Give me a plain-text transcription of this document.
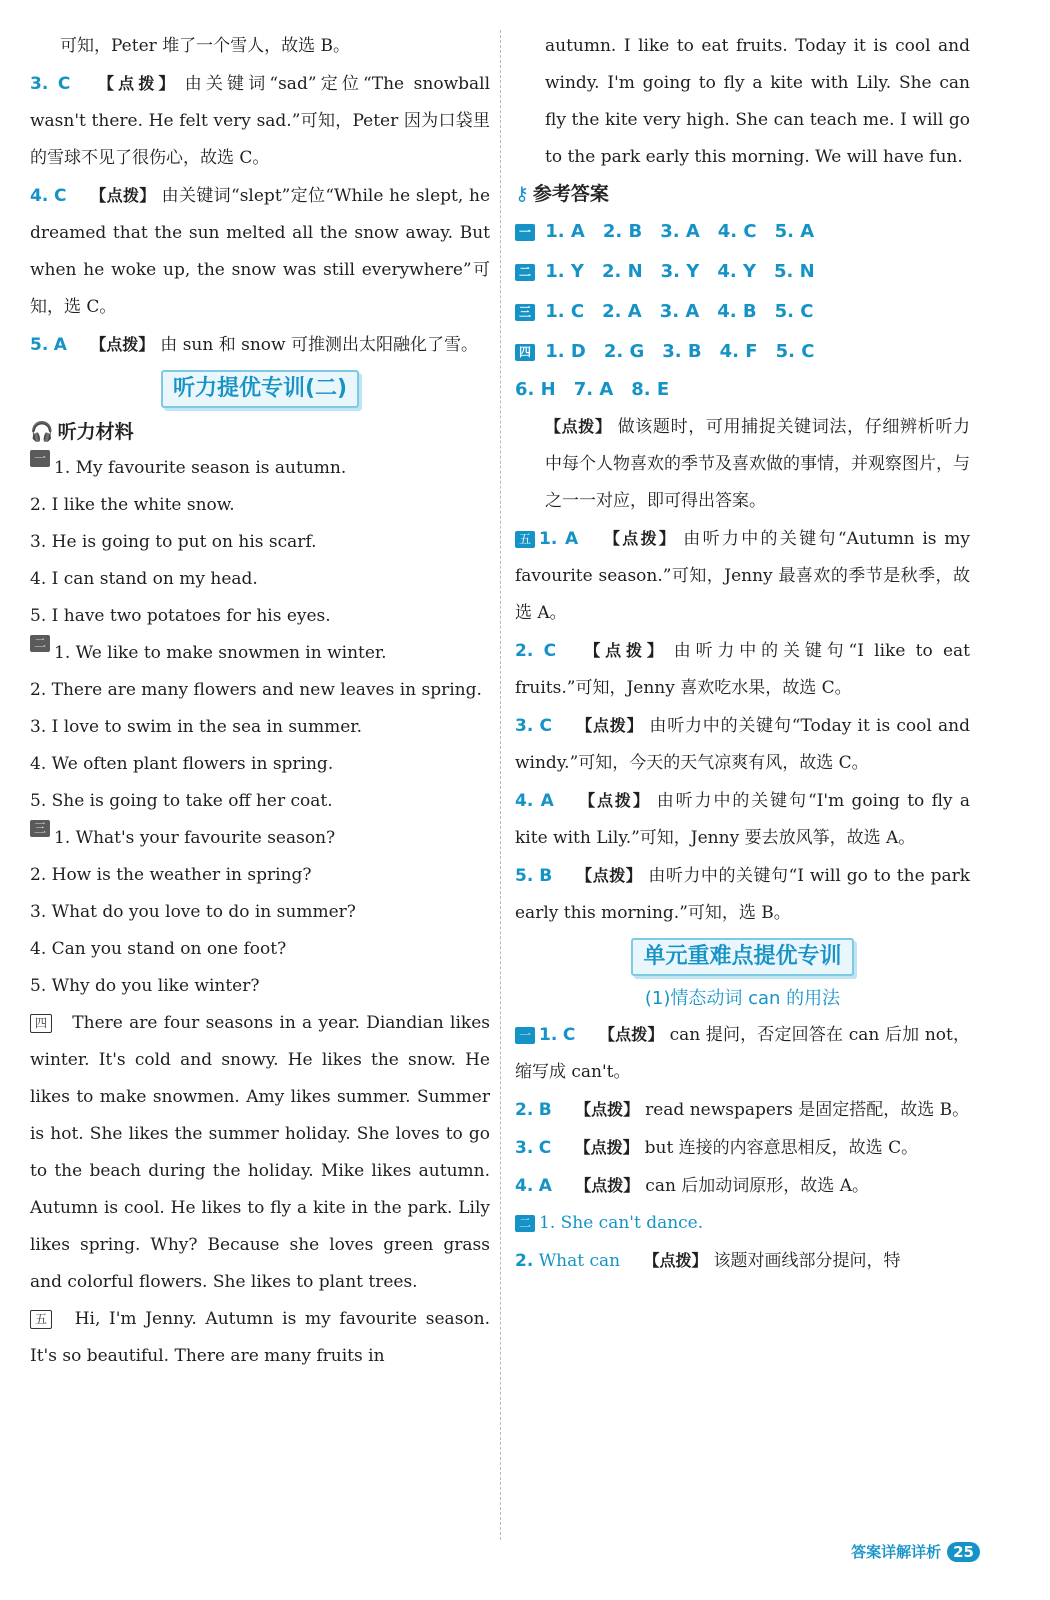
可知，Peter 堆了一个雪人，故选 B。
3. C 【点拨】 由关键词“sad”定位“The snowball wasn't there. He felt very sad.”可知，Peter 因为口袋里的雪球不见了很伤心，故选 C。
4. C 【点拨】 由关键词“slept”定位“While he slept, he dreamed that the sun melted all the snow away. But when he woke up, the snow was still everywhere”可知，选 C。
5. A 【点拨】 由 sun 和 snow 可推测出太阳融化了雪。
听力提优专训(二)
🎧 听力材料
一 1. My favourite season is autumn.
2. I like the white snow.
3. He is going to put on his scarf.
4. I can stand on my head.
5. I have two potatoes for his eyes.
二 1. We like to make snowmen in winter.
2. There are many flowers and new leaves in spring.
3. I love to swim in the sea in summer.
4. We often plant flowers in spring.
5. She is going to take off her coat.
三 1. What's your favourite season?
2. How is the weather in spring?
3. What do you love to do in summer?
4. Can you stand on one foot?
5. Why do you like winter?
四 There are four seasons in a year. Diandian likes winter. It's cold and snowy. He likes the snow. He likes to make snowmen. Amy likes summer. Summer is hot. She likes the summer holiday. She loves to go to the beach during the holiday. Mike likes autumn. Autumn is cool. He likes to fly a kite in the park. Lily likes spring. Why? Because she loves green grass and colorful flowers. She likes to plant trees.
五 Hi, I'm Jenny. Autumn is my favourite season. It's so beautiful. There are many fruits in
autumn. I like to eat fruits. Today it is cool and windy. I'm going to fly a kite with Lily. She can fly the kite very high. She can teach me. I will go to the park early this morning. We will have fun.
⚷ 参考答案
一 1. A 2. B 3. A 4. C 5. A
二 1. Y 2. N 3. Y 4. Y 5. N
三 1. C 2. A 3. A 4. B 5. C
四 1. D 2. G 3. B 4. F 5. C
6. H 7. A 8. E
【点拨】 做该题时，可用捕捉关键词法，仔细辨析听力中每个人物喜欢的季节及喜欢做的事情，并观察图片，与之一一对应，即可得出答案。
五 1. A 【点拨】 由听力中的关键句“Autumn is my favourite season.”可知，Jenny 最喜欢的季节是秋季，故选 A。
2. C 【点拨】 由听力中的关键句“I like to eat fruits.”可知，Jenny 喜欢吃水果，故选 C。
3. C 【点拨】 由听力中的关键句“Today it is cool and windy.”可知，今天的天气凉爽有风，故选 C。
4. A 【点拨】 由听力中的关键句“I'm going to fly a kite with Lily.”可知，Jenny 要去放风筝，故选 A。
5. B 【点拨】 由听力中的关键句“I will go to the park early this morning.”可知，选 B。
单元重难点提优专训
(1)情态动词 can 的用法
一 1. C 【点拨】 can 提问，否定回答在 can 后加 not，缩写成 can't。
2. B 【点拨】 read newspapers 是固定搭配，故选 B。
3. C 【点拨】 but 连接的内容意思相反，故选 C。
4. A 【点拨】 can 后加动词原形，故选 A。
二 1. She can't dance.
2. What can 【点拨】 该题对画线部分提问，特
答案详解详析 25
